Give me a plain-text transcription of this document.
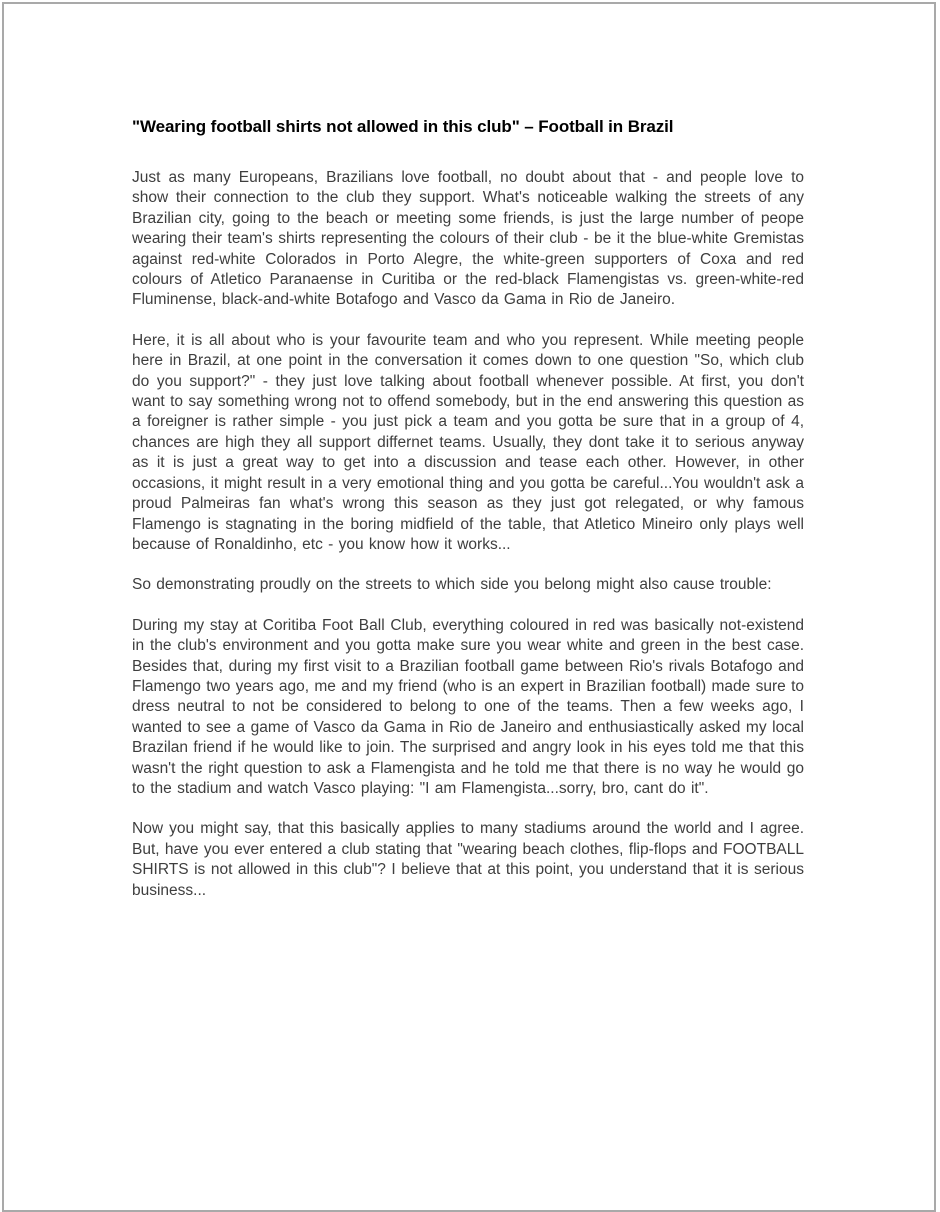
"Wearing football shirts not allowed in this club" – Football in Brazil

Just as many Europeans, Brazilians love football, no doubt about that - and people love to show their connection to the club they support. What's noticeable walking the streets of any Brazilian city, going to the beach or meeting some friends, is just the large number of peope wearing their team's shirts representing the colours of their club - be it the blue-white Gremistas against red-white Colorados in Porto Alegre, the white-green supporters of Coxa and red colours of Atletico Paranaense in Curitiba or the red-black Flamengistas vs. green-white-red Fluminense, black-and-white Botafogo and Vasco da Gama in Rio de Janeiro.

Here, it is all about who is your favourite team and who you represent. While meeting people here in Brazil, at one point in the conversation it comes down to one question "So, which club do you support?" - they just love talking about football whenever possible. At first, you don't want to say something wrong not to offend somebody, but in the end answering this question as a foreigner is rather simple - you just pick a team and you gotta be sure that in a group of 4, chances are high they all support differnet teams. Usually, they dont take it to serious anyway as it is just a great way to get into a discussion and tease each other. However, in other occasions, it might result in a very emotional thing and you gotta be careful...You wouldn't ask a proud Palmeiras fan what's wrong this season as they just got relegated, or why famous Flamengo is stagnating in the boring midfield of the table, that Atletico Mineiro only plays well because of Ronaldinho, etc - you know how it works...

So demonstrating proudly on the streets to which side you belong might also cause trouble:

During my stay at Coritiba Foot Ball Club, everything coloured in red was basically not-existend in the club's environment and you gotta make sure you wear white and green in the best case. Besides that, during my first visit to a Brazilian football game between Rio's rivals Botafogo and Flamengo two years ago, me and my friend (who is an expert in Brazilian football) made sure to dress neutral to not be considered to belong to one of the teams. Then a few weeks ago, I wanted to see a game of Vasco da Gama in Rio de Janeiro and enthusiastically asked my local Brazilan friend if he would like to join. The surprised and angry look in his eyes told me that this wasn't the right question to ask a Flamengista and he told me that there is no way he would go to the stadium and watch Vasco playing: "I am Flamengista...sorry, bro, cant do it".

Now you might say, that this basically applies to many stadiums around the world and I agree. But, have you ever entered a club stating that "wearing beach clothes, flip-flops and FOOTBALL SHIRTS is not allowed in this club"? I believe that at this point, you understand that it is serious business...
